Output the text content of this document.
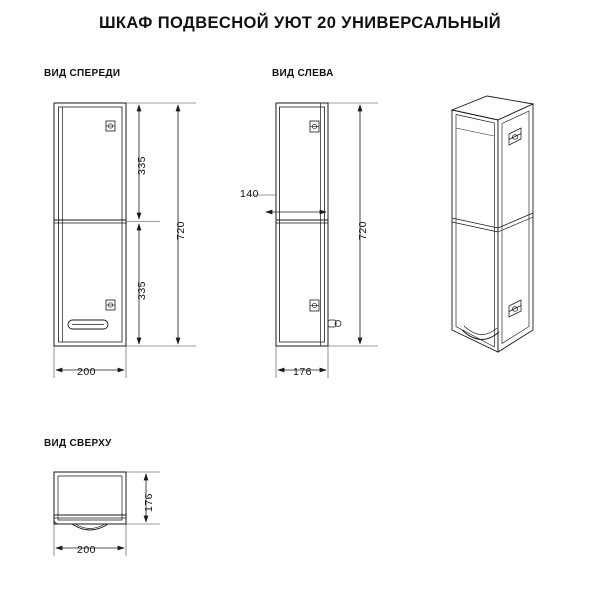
ШКАФ ПОДВЕСНОЙ УЮТ 20 УНИВЕРСАЛЬНЫЙ
ВИД СПЕРЕДИ	ВИД СЛЕВА
ВИД СВЕРХУ
335
335
720
200
140
720
176
176
200
